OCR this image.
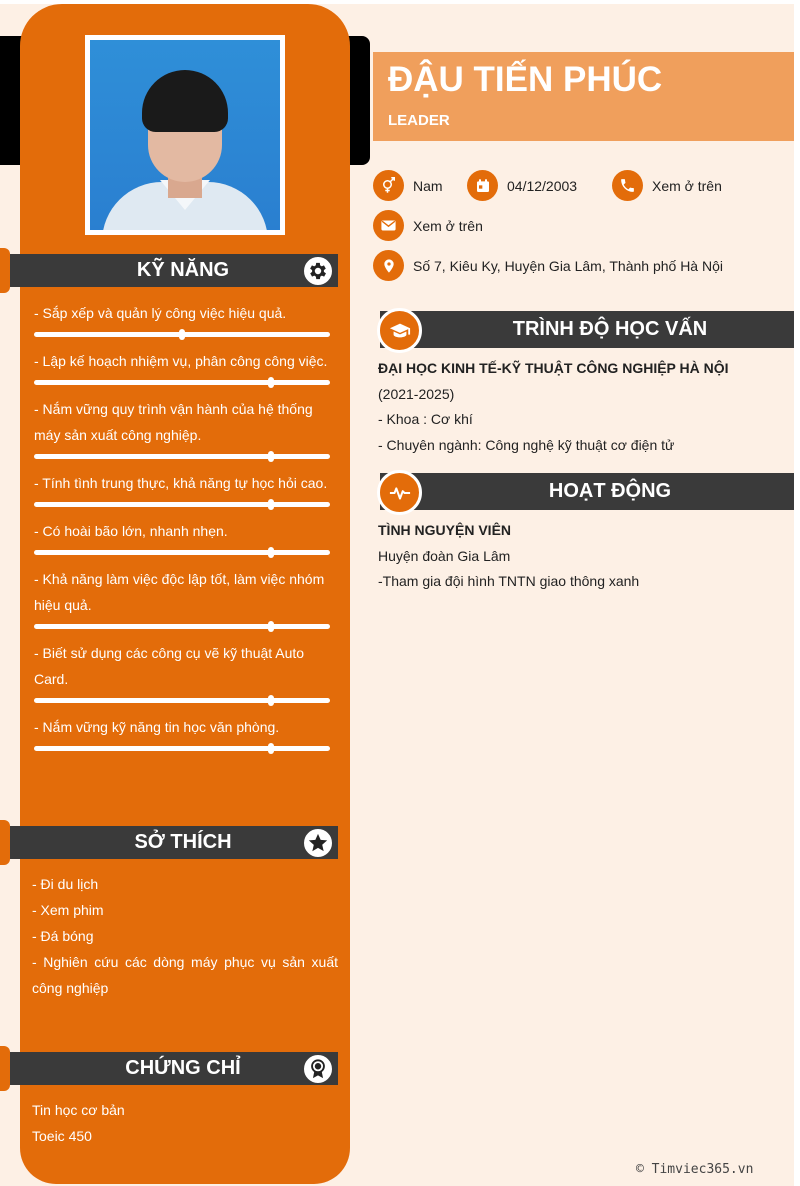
KỸ NĂNG
- Sắp xếp và quản lý công việc hiệu quả.
- Lập kế hoạch nhiệm vụ, phân công công việc.
- Nắm vững quy trình vận hành của hệ thống máy sản xuất công nghiệp.
- Tính tình trung thực, khả năng tự học hỏi cao.
- Có hoài bão lớn, nhanh nhẹn.
- Khả năng làm việc độc lập tốt, làm việc nhóm hiệu quả.
- Biết sử dụng các công cụ vẽ kỹ thuật Auto Card.
- Nắm vững kỹ năng tin học văn phòng.
SỞ THÍCH
- Đi du lịch
- Xem phim
- Đá bóng
- Nghiên cứu các dòng máy phục vụ sản xuất công nghiệp
CHỨNG CHỈ
Tin học cơ bản
Toeic 450
ĐẬU TIẾN PHÚC
LEADER
Nam	04/12/2003	Xem ở trên
Xem ở trên
Số 7, Kiêu Ky, Huyện Gia Lâm, Thành phố Hà Nội
TRÌNH ĐỘ HỌC VẤN
ĐẠI HỌC KINH TẾ-KỸ THUẬT CÔNG NGHIỆP HÀ NỘI
(2021-2025)
- Khoa : Cơ khí
- Chuyên ngành: Công nghệ kỹ thuật cơ điện tử
HOẠT ĐỘNG
TÌNH NGUYỆN VIÊN
Huyện đoàn Gia Lâm
-Tham gia đội hình TNTN giao thông xanh
© Timviec365.vn
